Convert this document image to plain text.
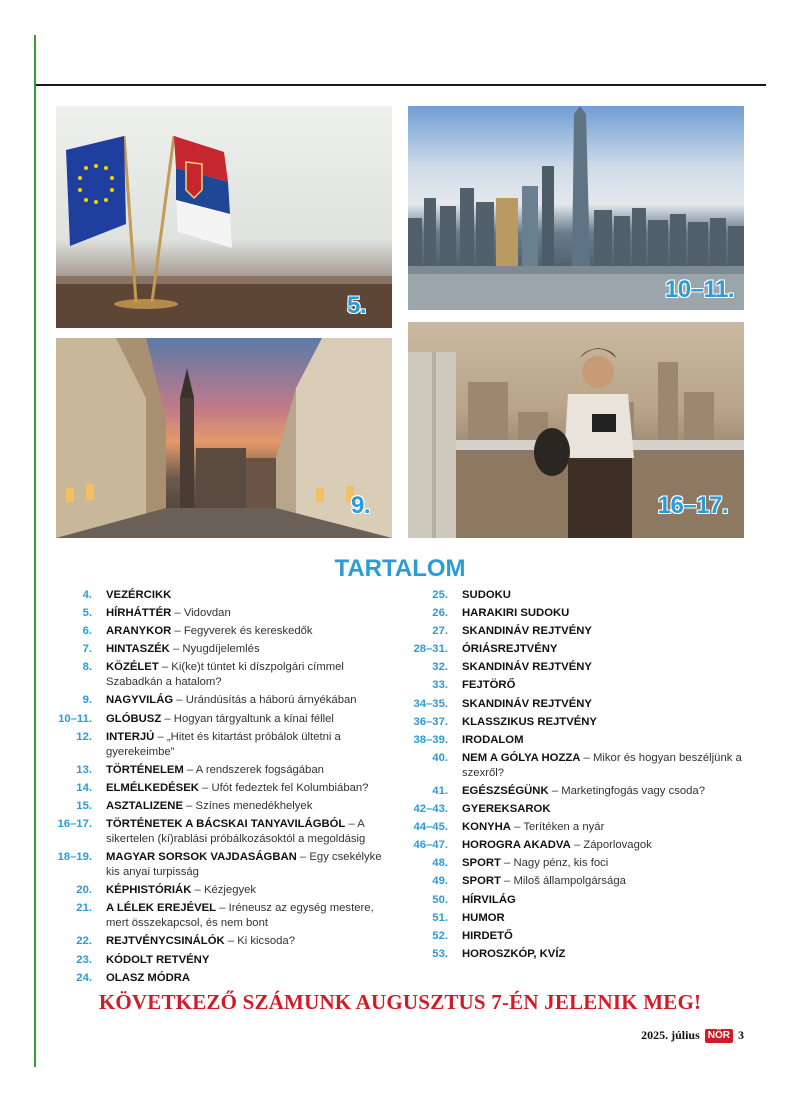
5.
10–11.
9.	16–17.
TARTALOM
4.	VEZÉRCIKK
5.	HÍRHÁTTÉR – Vidovdan
6.	ARANYKOR – Fegyverek és kereskedők
7.	HINTASZÉK – Nyugdíjelemlés
8.	KÖZÉLET – Ki(ke)t tüntet ki díszpolgári címmel Szabadkán a hatalom?
9.	NAGYVILÁG – Urándúsítás a háború árnyékában
10–11.	GLÓBUSZ – Hogyan tárgyaltunk a kínai féllel
12.	INTERJÚ – „Hitet és kitartást próbálok ültetni a gyerekeimbe”
13.	TÖRTÉNELEM – A rendszerek fogságában
14.	ELMÉLKEDÉSEK – Ufót fedeztek fel Kolumbiában?
15.	ASZTALIZENE – Színes menedékhelyek
16–17.	TÖRTÉNETEK A BÁCSKAI TANYAVILÁGBÓL – A sikertelen (kí)rablási próbálkozásoktól a megoldásig
18–19.	MAGYAR SORSOK VAJDASÁGBAN – Egy csekélyke kis anyai turpisság
20.	KÉPHISTÓRIÁK – Kézjegyek
21.	A LÉLEK EREJÉVEL – Iréneusz az egység mestere, mert összekapcsol, és nem bont
22.	REJTVÉNYCSINÁLÓK – Ki kicsoda?
23.	KÓDOLT RETVÉNY
24.	OLASZ MÓDRA
25.	SUDOKU
26.	HARAKIRI SUDOKU
27.	SKANDINÁV REJTVÉNY
28–31.	ÓRIÁSREJTVÉNY
32.	SKANDINÁV REJTVÉNY
33.	FEJTÖRŐ
34–35.	SKANDINÁV REJTVÉNY
36–37.	KLASSZIKUS REJTVÉNY
38–39.	IRODALOM
40.	NEM A GÓLYA HOZZA – Mikor és hogyan beszéljünk a szexről?
41.	EGÉSZSÉGÜNK – Marketingfogás vagy csoda?
42–43.	GYEREKSAROK
44–45.	KONYHA – Terítéken a nyár
46–47.	HOROGRA AKADVA – Záporlovagok
48.	SPORT – Nagy pénz, kis foci
49.	SPORT – Miloš állampolgársága
50.	HÍRVILÁG
51.	HUMOR
52.	HIRDETŐ
53.	HOROSZKÓP, KVÍZ
KÖVETKEZŐ SZÁMUNK AUGUSZTUS 7-ÉN JELENIK MEG!
2025. július NÖR 3
